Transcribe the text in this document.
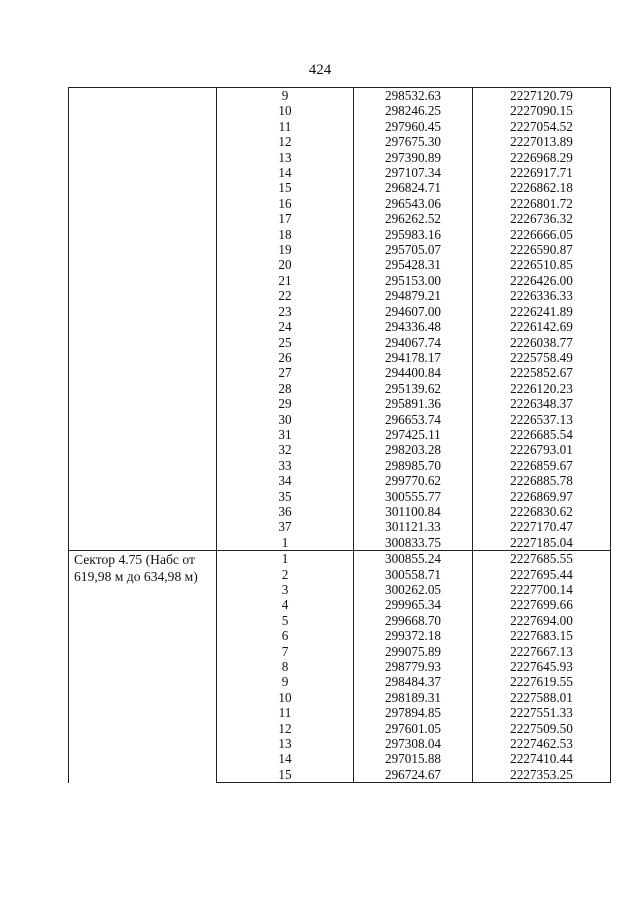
424
	9	298532.63	2227120.79
	10	298246.25	2227090.15
	11	297960.45	2227054.52
	12	297675.30	2227013.89
	13	297390.89	2226968.29
	14	297107.34	2226917.71
	15	296824.71	2226862.18
	16	296543.06	2226801.72
	17	296262.52	2226736.32
	18	295983.16	2226666.05
	19	295705.07	2226590.87
	20	295428.31	2226510.85
	21	295153.00	2226426.00
	22	294879.21	2226336.33
	23	294607.00	2226241.89
	24	294336.48	2226142.69
	25	294067.74	2226038.77
	26	294178.17	2225758.49
	27	294400.84	2225852.67
	28	295139.62	2226120.23
	29	295891.36	2226348.37
	30	296653.74	2226537.13
	31	297425.11	2226685.54
	32	298203.28	2226793.01
	33	298985.70	2226859.67
	34	299770.62	2226885.78
	35	300555.77	2226869.97
	36	301100.84	2226830.62
	37	301121.33	2227170.47
	1	300833.75	2227185.04

Сектор 4.75 (Набс от 619,98 м до 634,98 м)	1	300855.24	2227685.55
	2	300558.71	2227695.44
	3	300262.05	2227700.14
	4	299965.34	2227699.66
	5	299668.70	2227694.00
	6	299372.18	2227683.15
	7	299075.89	2227667.13
	8	298779.93	2227645.93
	9	298484.37	2227619.55
	10	298189.31	2227588.01
	11	297894.85	2227551.33
	12	297601.05	2227509.50
	13	297308.04	2227462.53
	14	297015.88	2227410.44
	15	296724.67	2227353.25
